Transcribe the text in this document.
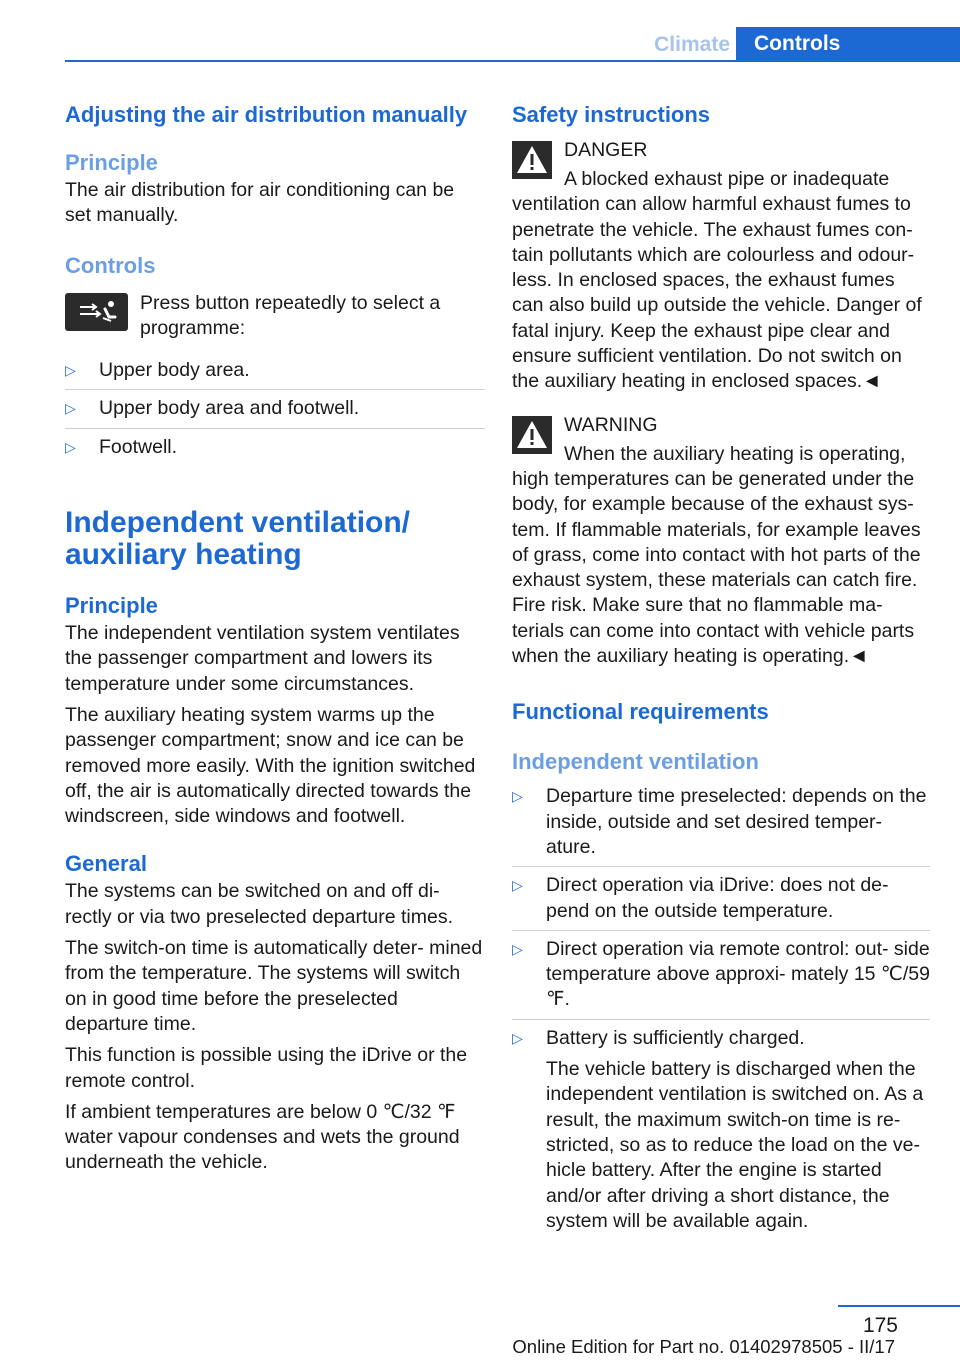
Climate	Controls
Adjusting the air distribution manually
Principle

The air distribution for air conditioning can be set manually.

Controls
Press button repeatedly to select a programme:
▷	Upper body area.
▷	Upper body area and footwell.
▷	Footwell.
Independent ventilation/ auxiliary heating
Principle

The independent ventilation system ventilates the passenger compartment and lowers its temperature under some circumstances.

The auxiliary heating system warms up the passenger compartment; snow and ice can be removed more easily. With the ignition switched off, the air is automatically directed towards the windscreen, side windows and footwell.

General

The systems can be switched on and off di‐ rectly or via two preselected departure times.

The switch-on time is automatically deter‐ mined from the temperature. The systems will switch on in good time before the preselected departure time.

This function is possible using the iDrive or the remote control.

If ambient temperatures are below 0 ℃/32 ℉ water vapour condenses and wets the ground underneath the vehicle.

Safety instructions
DANGER

A blocked exhaust pipe or inadequate ventilation can allow harmful exhaust fumes to penetrate the vehicle. The exhaust fumes con‐ tain pollutants which are colourless and odour‐ less. In enclosed spaces, the exhaust fumes can also build up outside the vehicle. Danger of fatal injury. Keep the exhaust pipe clear and ensure sufficient ventilation. Do not switch on the auxiliary heating in enclosed spaces.◄

WARNING

When the auxiliary heating is operating, high temperatures can be generated under the body, for example because of the exhaust sys‐ tem. If flammable materials, for example leaves of grass, come into contact with hot parts of the exhaust system, these materials can catch fire. Fire risk. Make sure that no flammable ma‐ terials can come into contact with vehicle parts when the auxiliary heating is operating.◄

Functional requirements
Independent ventilation
▷	Departure time preselected: depends on the inside, outside and set desired temper‐ ature.
▷	Direct operation via iDrive: does not de‐ pend on the outside temperature.
▷	Direct operation via remote control: out‐ side temperature above approxi‐ mately 15 ℃/59 ℉.
▷	Battery is sufficiently charged.
The vehicle battery is discharged when the independent ventilation is switched on. As a result, the maximum switch-on time is re‐ stricted, so as to reduce the load on the ve‐ hicle battery. After the engine is started and/or after driving a short distance, the system will be available again.
175
Online Edition for Part no. 01402978505 - II/17
